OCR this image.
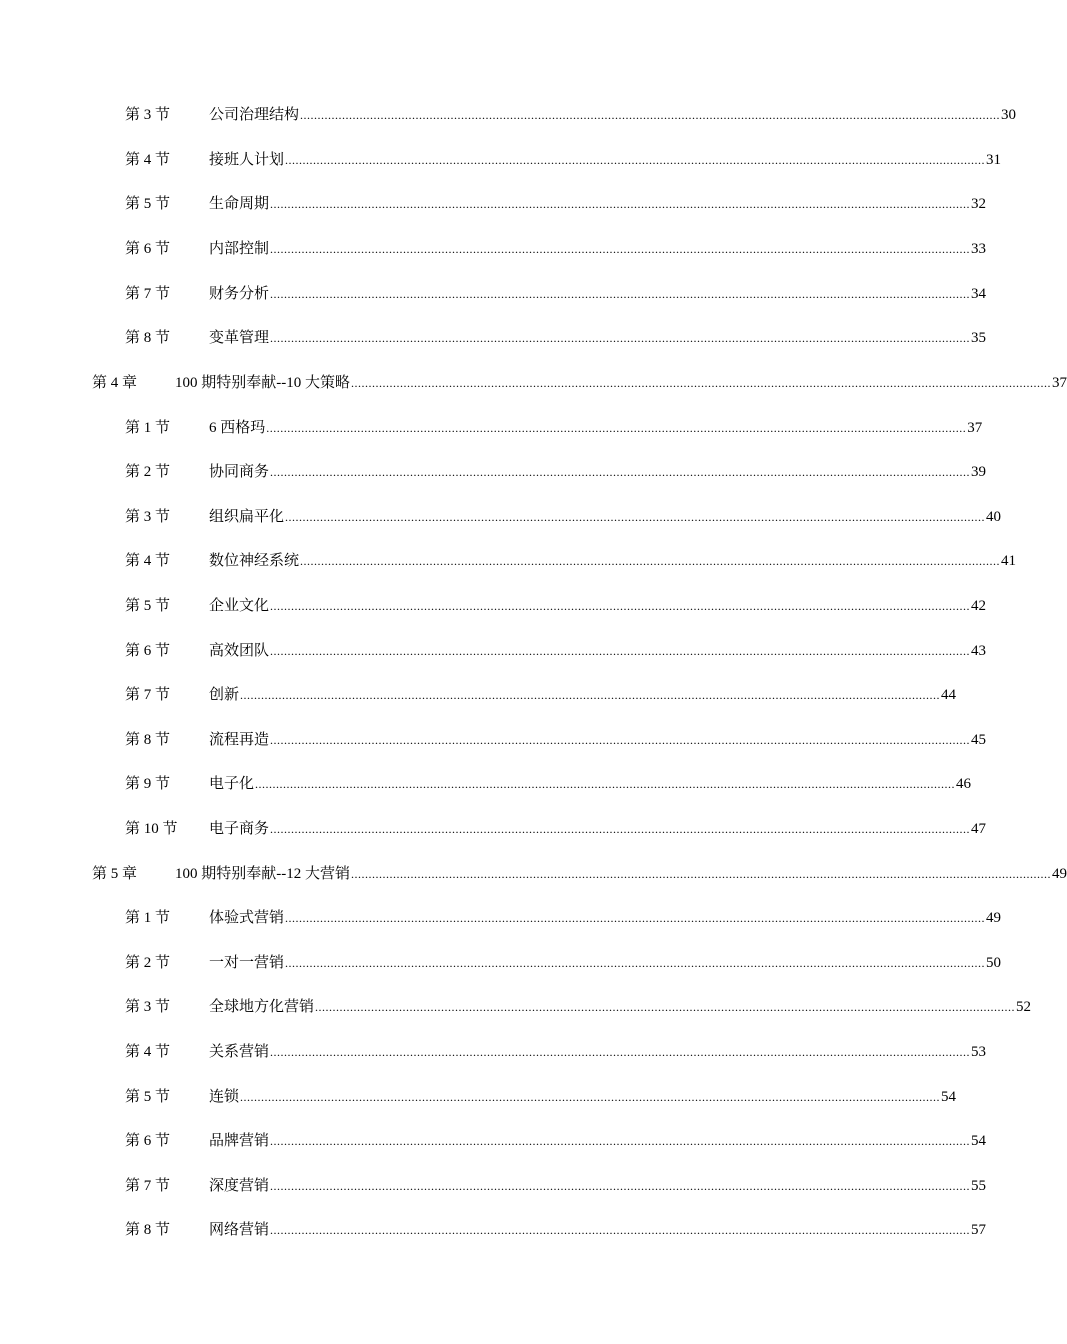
第 3 节	公司治理结构 ........................................................................................................................................................................................................ 30
第 4 节	接班人计划 ........................................................................................................................................................................................................ 31
第 5 节	生命周期 ........................................................................................................................................................................................................ 32
第 6 节	内部控制 ........................................................................................................................................................................................................ 33
第 7 节	财务分析 ........................................................................................................................................................................................................ 34
第 8 节	变革管理 ........................................................................................................................................................................................................ 35
第 4 章	100 期特别奉献--10 大策略 ........................................................................................................................................................................................................ 37
第 1 节	6 西格玛 ........................................................................................................................................................................................................ 37
第 2 节	协同商务 ........................................................................................................................................................................................................ 39
第 3 节	组织扁平化 ........................................................................................................................................................................................................ 40
第 4 节	数位神经系统 ........................................................................................................................................................................................................ 41
第 5 节	企业文化 ........................................................................................................................................................................................................ 42
第 6 节	高效团队 ........................................................................................................................................................................................................ 43
第 7 节	创新 ........................................................................................................................................................................................................ 44
第 8 节	流程再造 ........................................................................................................................................................................................................ 45
第 9 节	电子化 ........................................................................................................................................................................................................ 46
第 10 节 电子商务 ........................................................................................................................................................................................................ 47
第 5 章	100 期特别奉献--12 大营销 ........................................................................................................................................................................................................ 49
第 1 节	体验式营销 ........................................................................................................................................................................................................ 49
第 2 节	一对一营销 ........................................................................................................................................................................................................ 50
第 3 节	全球地方化营销 ........................................................................................................................................................................................................ 52
第 4 节	关系营销 ........................................................................................................................................................................................................ 53
第 5 节	连锁 ........................................................................................................................................................................................................ 54
第 6 节	品牌营销 ........................................................................................................................................................................................................ 54
第 7 节	深度营销 ........................................................................................................................................................................................................ 55
第 8 节	网络营销 ........................................................................................................................................................................................................ 57
